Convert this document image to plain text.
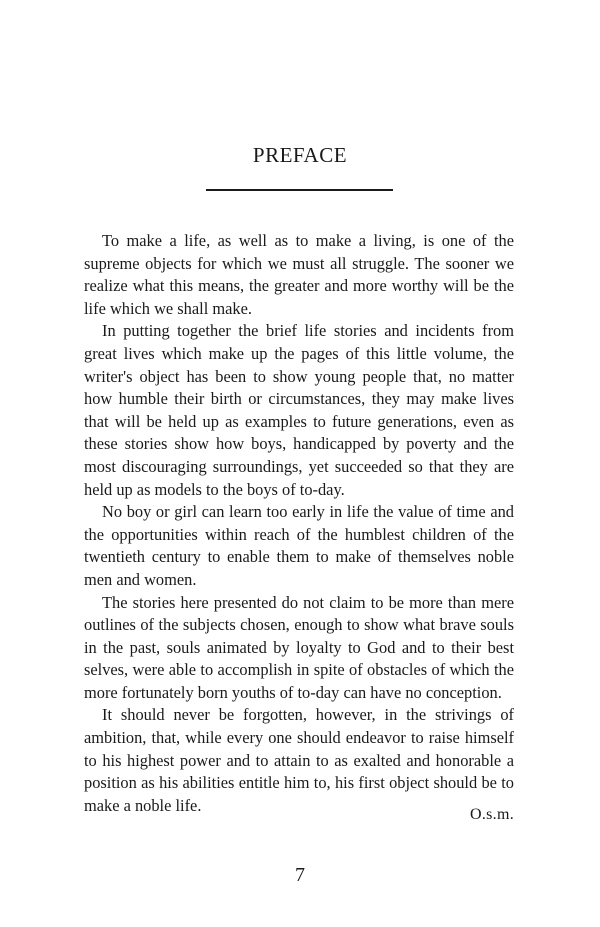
PREFACE

To make a life, as well as to make a living, is one of the supreme objects for which we must all struggle. The sooner we realize what this means, the greater and more worthy will be the life which we shall make.

In putting together the brief life stories and incidents from great lives which make up the pages of this little volume, the writer's object has been to show young people that, no matter how humble their birth or circumstances, they may make lives that will be held up as examples to future generations, even as these stories show how boys, handicapped by poverty and the most discouraging surroundings, yet succeeded so that they are held up as models to the boys of to-day.

No boy or girl can learn too early in life the value of time and the opportunities within reach of the humblest children of the twentieth century to enable them to make of themselves noble men and women.

The stories here presented do not claim to be more than mere outlines of the subjects chosen, enough to show what brave souls in the past, souls animated by loyalty to God and to their best selves, were able to accomplish in spite of obstacles of which the more fortunately born youths of to-day can have no conception.

It should never be forgotten, however, in the strivings of ambition, that, while every one should endeavor to raise himself to his highest power and to attain to as exalted and honorable a position as his abilities entitle him to, his first object should be to make a noble life.	O.s.m.
7
